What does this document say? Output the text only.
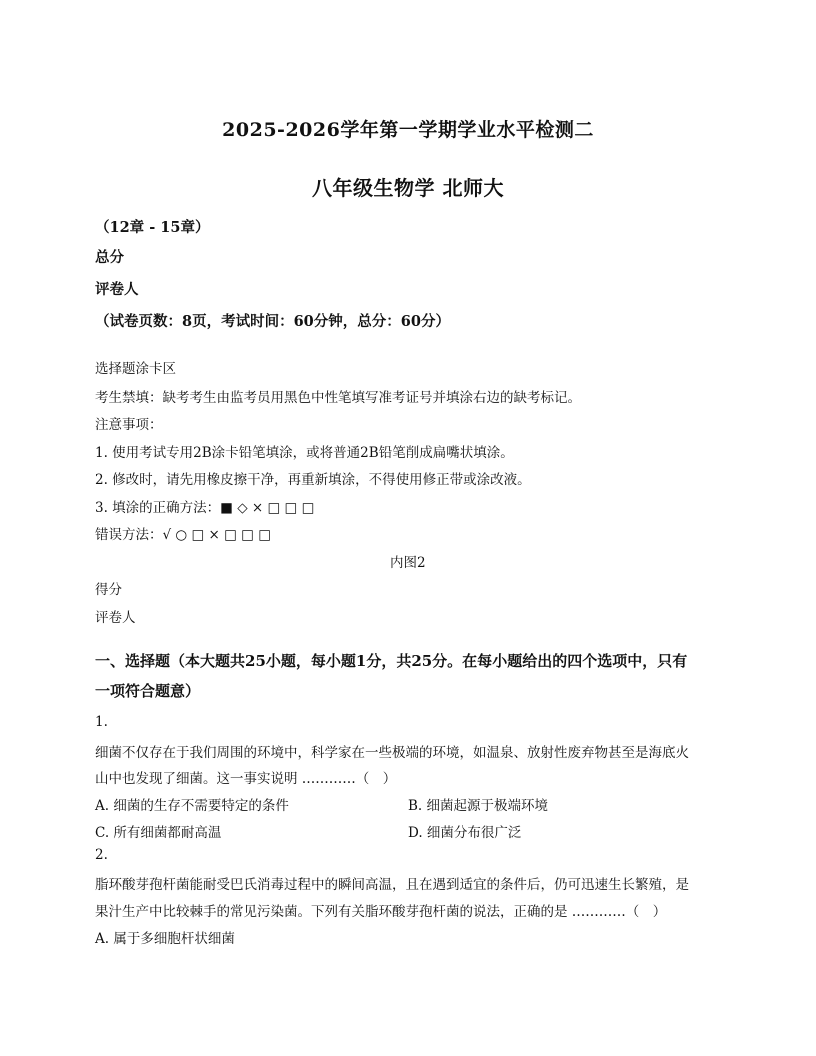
2025-2026学年第一学期学业水平检测二
八年级生物学 北师大
（12章 - 15章）
总分
评卷人
（试卷页数：8页，考试时间：60分钟，总分：60分）
选择题涂卡区
考生禁填：缺考考生由监考员用黑色中性笔填写准考证号并填涂右边的缺考标记。
注意事项：
1. 使用考试专用2B涂卡铅笔填涂，或将普通2B铅笔削成扁嘴状填涂。
2. 修改时，请先用橡皮擦干净，再重新填涂，不得使用修正带或涂改液。
3. 填涂的正确方法：■ ◇ × □ □ □
错误方法：√ ○ □ × □ □ □
内图2
得分
评卷人
一、选择题（本大题共25小题，每小题1分，共25分。在每小题给出的四个选项中，只有
一项符合题意）
1.
细菌不仅存在于我们周围的环境中，科学家在一些极端的环境，如温泉、放射性废弃物甚至是海底火
山中也发现了细菌。这一事实说明 …………（　）
A. 细菌的生存不需要特定的条件	B. 细菌起源于极端环境
C. 所有细菌都耐高温	D. 细菌分布很广泛
2.
脂环酸芽孢杆菌能耐受巴氏消毒过程中的瞬间高温，且在遇到适宜的条件后，仍可迅速生长繁殖，是
果汁生产中比较棘手的常见污染菌。下列有关脂环酸芽孢杆菌的说法，正确的是 …………（　）
A. 属于多细胞杆状细菌
